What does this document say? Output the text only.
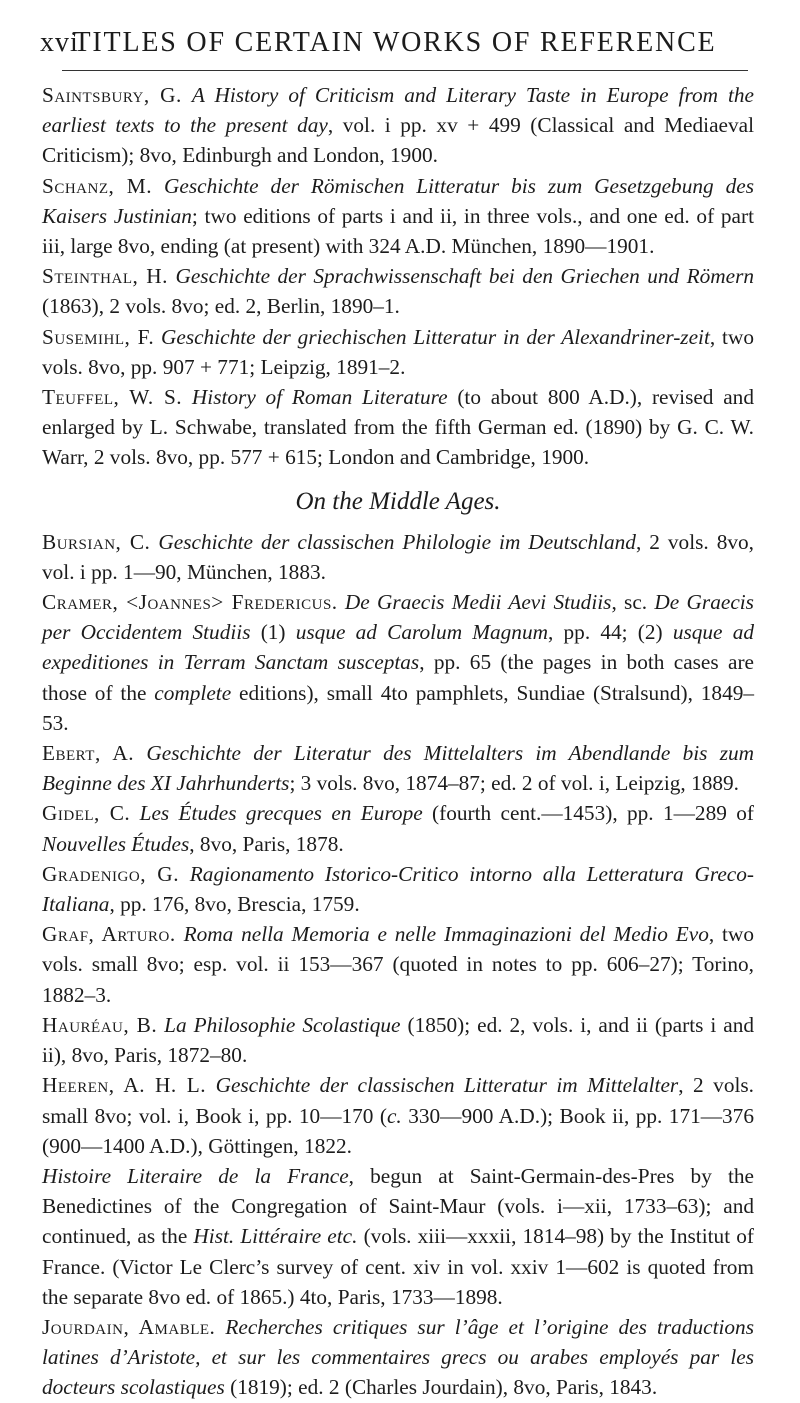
xvi
TITLES OF CERTAIN WORKS OF REFERENCE

Saintsbury, G. A History of Criticism and Literary Taste in Europe from the earliest texts to the present day, vol. i pp. xv + 499 (Classical and Mediaeval Criticism); 8vo, Edinburgh and London, 1900.

Schanz, M. Geschichte der Römischen Litteratur bis zum Gesetzgebung des Kaisers Justinian; two editions of parts i and ii, in three vols., and one ed. of part iii, large 8vo, ending (at present) with 324 A.D. München, 1890—1901.

Steinthal, H. Geschichte der Sprachwissenschaft bei den Griechen und Römern (1863), 2 vols. 8vo; ed. 2, Berlin, 1890–1.

Susemihl, F. Geschichte der griechischen Litteratur in der Alexandriner-zeit, two vols. 8vo, pp. 907 + 771; Leipzig, 1891–2.

Teuffel, W. S. History of Roman Literature (to about 800 A.D.), revised and enlarged by L. Schwabe, translated from the fifth German ed. (1890) by G. C. W. Warr, 2 vols. 8vo, pp. 577 + 615; London and Cambridge, 1900.

On the Middle Ages.

Bursian, C. Geschichte der classischen Philologie im Deutschland, 2 vols. 8vo, vol. i pp. 1—90, München, 1883.

Cramer, <Joannes> Fredericus. De Graecis Medii Aevi Studiis, sc. De Graecis per Occidentem Studiis (1) usque ad Carolum Magnum, pp. 44; (2) usque ad expeditiones in Terram Sanctam susceptas, pp. 65 (the pages in both cases are those of the complete editions), small 4to pamphlets, Sundiae (Stralsund), 1849–53.

Ebert, A. Geschichte der Literatur des Mittelalters im Abendlande bis zum Beginne des XI Jahrhunderts; 3 vols. 8vo, 1874–87; ed. 2 of vol. i, Leipzig, 1889.

Gidel, C. Les Études grecques en Europe (fourth cent.—1453), pp. 1—289 of Nouvelles Études, 8vo, Paris, 1878.

Gradenigo, G. Ragionamento Istorico-Critico intorno alla Letteratura Greco-Italiana, pp. 176, 8vo, Brescia, 1759.

Graf, Arturo. Roma nella Memoria e nelle Immaginazioni del Medio Evo, two vols. small 8vo; esp. vol. ii 153—367 (quoted in notes to pp. 606–27); Torino, 1882–3.

Hauréau, B. La Philosophie Scolastique (1850); ed. 2, vols. i, and ii (parts i and ii), 8vo, Paris, 1872–80.

Heeren, A. H. L. Geschichte der classischen Litteratur im Mittelalter, 2 vols. small 8vo; vol. i, Book i, pp. 10—170 (c. 330—900 A.D.); Book ii, pp. 171—376 (900—1400 A.D.), Göttingen, 1822.

Histoire Literaire de la France, begun at Saint-Germain-des-Pres by the Benedictines of the Congregation of Saint-Maur (vols. i—xii, 1733–63); and continued, as the Hist. Littéraire etc. (vols. xiii—xxxii, 1814–98) by the Institut of France. (Victor Le Clerc’s survey of cent. xiv in vol. xxiv 1—602 is quoted from the separate 8vo ed. of 1865.) 4to, Paris, 1733—1898.

Jourdain, Amable. Recherches critiques sur l’âge et l’origine des traductions latines d’Aristote, et sur les commentaires grecs ou arabes employés par les docteurs scolastiques (1819); ed. 2 (Charles Jourdain), 8vo, Paris, 1843.
